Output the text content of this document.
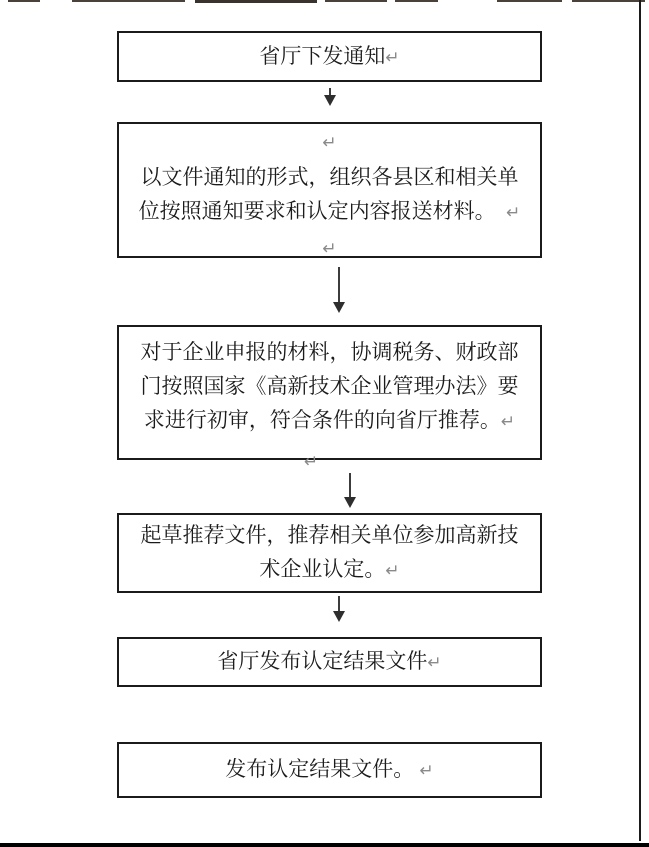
省厅下发通知↵
↵
以文件通知的形式，组织各县区和相关单
位按照通知要求和认定内容报送材料。　↵
↵
对于企业申报的材料，协调税务、财政部
门按照国家《高新技术企业管理办法》要
求进行初审，符合条件的向省厅推荐。↵
↵
起草推荐文件，推荐相关单位参加高新技
术企业认定。↵
省厅发布认定结果文件↵
发布认定结果文件。 ↵
